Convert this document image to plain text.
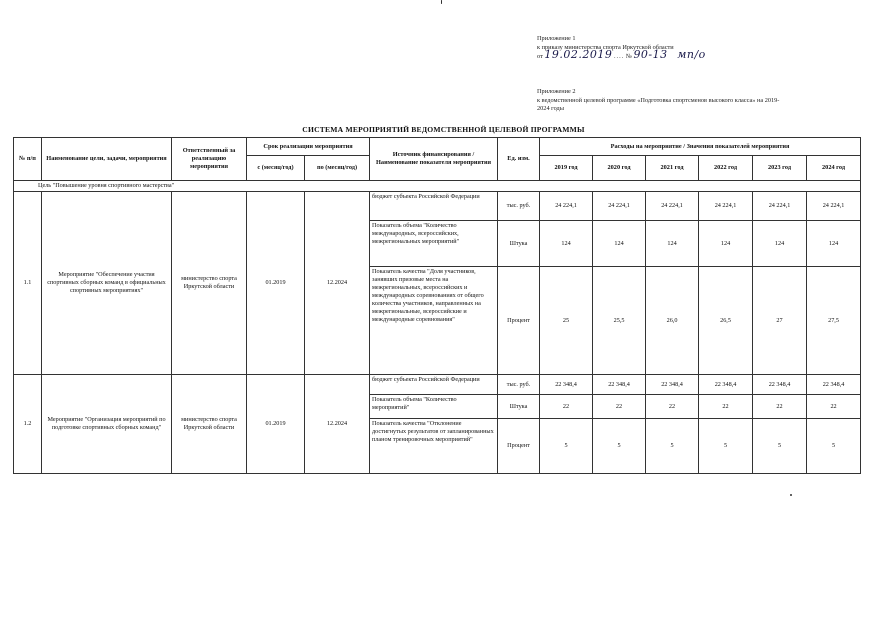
Приложение 1
к приказу министерства спорта Иркутской области
от 19.02.2019 .... № 90-13 мп/о
Приложение 2
к ведомственной целевой программе «Подготовка спортсменов высокого класса» на 2019-
2024 годы
СИСТЕМА МЕРОПРИЯТИЙ ВЕДОМСТВЕННОЙ ЦЕЛЕВОЙ ПРОГРАММЫ
№ п/п	Наименование цели, задачи, мероприятия	Ответственный за реализацию мероприятия	Срок реализации мероприятия		Источник финансирования / Наименование показателя мероприятия	Ед. изм.	Расходы на мероприятие / Значения показателей мероприятия					
			с (месяц/год)	по (месяц/год)			2019 год	2020 год	2021 год	2022 год	2023 год	2024 год
Цель "Повышение уровня спортивного мастерства"												
1.1	Мероприятие "Обеспечение участия спортивных сборных команд в официальных спортивных мероприятиях"	министерство спорта Иркутской области	01.2019	12.2024	бюджет субъекта Российской Федерации	тыс. руб.	24 224,1	24 224,1	24 224,1	24 224,1	24 224,1	24 224,1
					Показатель объема "Количество международных, всероссийских, межрегиональных мероприятий"	Штука	124	124	124	124	124	124
					Показатель качества "Доля участников, занявших призовые места на межрегиональных, всероссийских и международных соревнованиях от общего количества участников, направленных на межрегиональные, всероссийские и международные соревнования"	Процент	25	25,5	26,0	26,5	27	27,5
1.2	Мероприятие "Организация мероприятий по подготовке спортивных сборных команд"	министерство спорта Иркутской области	01.2019	12.2024	бюджет субъекта Российской Федерации	тыс. руб.	22 348,4	22 348,4	22 348,4	22 348,4	22 348,4	22 348,4
					Показатель объема "Количество мероприятий"	Штука	22	22	22	22	22	22
					Показатель качества "Отклонение достигнутых результатов от запланированных планом тренировочных мероприятий"	Процент	5	5	5	5	5	5
